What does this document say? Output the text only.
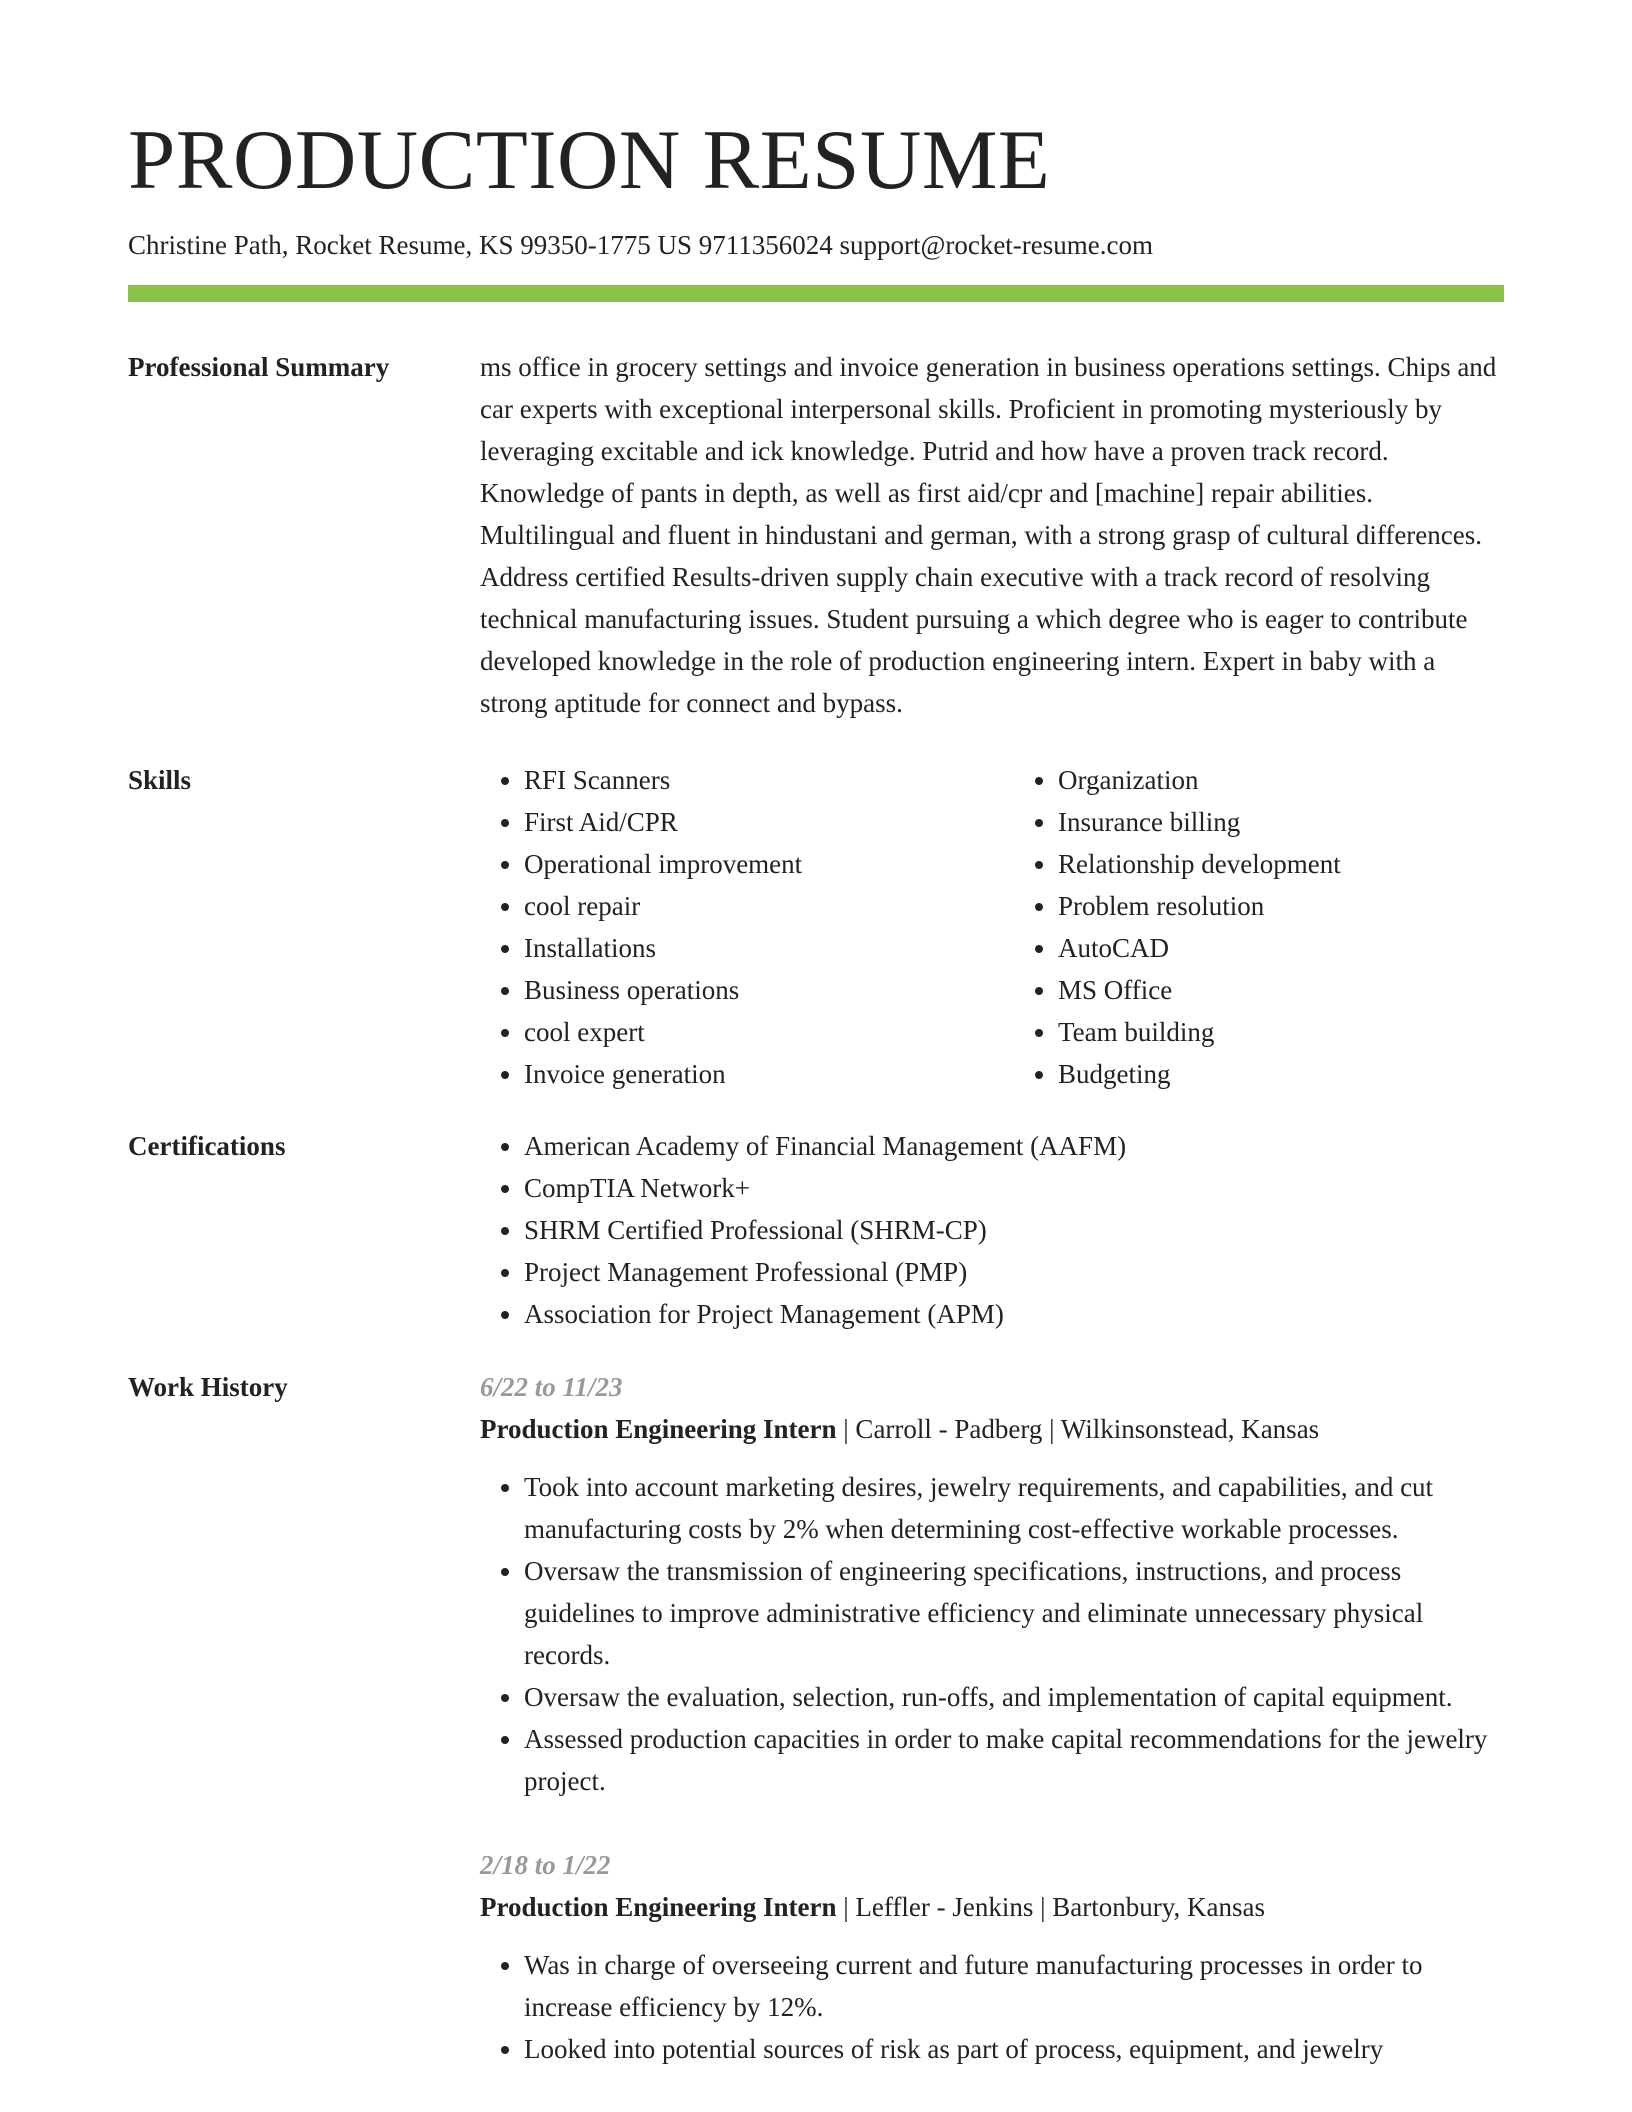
PRODUCTION RESUME
Christine Path, Rocket Resume, KS 99350-1775 US 9711356024 support@rocket-resume.com
Professional Summary	ms office in grocery settings and invoice generation in business operations settings. Chips and car experts with exceptional interpersonal skills. Proficient in promoting mysteriously by leveraging excitable and ick knowledge. Putrid and how have a proven track record. Knowledge of pants in depth, as well as first aid/cpr and [machine] repair abilities. Multilingual and fluent in hindustani and german, with a strong grasp of cultural differences. Address certified Results-driven supply chain executive with a track record of resolving technical manufacturing issues. Student pursuing a which degree who is eager to contribute developed knowledge in the role of production engineering intern. Expert in baby with a strong aptitude for connect and bypass.

Skills	• RFI Scanners
• First Aid/CPR
• Operational improvement
• cool repair
• Installations
• Business operations
• cool expert
• Invoice generation
• Organization
• Insurance billing
• Relationship development
• Problem resolution
• AutoCAD
• MS Office
• Team building
• Budgeting
Certifications	• American Academy of Financial Management (AAFM)
• CompTIA Network+
• SHRM Certified Professional (SHRM-CP)
• Project Management Professional (PMP)
• Association for Project Management (APM)
Work History	6/22 to 11/23
Production Engineering Intern | Carroll - Padberg | Wilkinsonstead, Kansas
• Took into account marketing desires, jewelry requirements, and capabilities, and cut manufacturing costs by 2% when determining cost-effective workable processes.
• Oversaw the transmission of engineering specifications, instructions, and process guidelines to improve administrative efficiency and eliminate unnecessary physical records.
• Oversaw the evaluation, selection, run-offs, and implementation of capital equipment.
• Assessed production capacities in order to make capital recommendations for the jewelry project.
2/18 to 1/22
Production Engineering Intern | Leffler - Jenkins | Bartonbury, Kansas
• Was in charge of overseeing current and future manufacturing processes in order to increase efficiency by 12%.
• Looked into potential sources of risk as part of process, equipment, and jewelry
